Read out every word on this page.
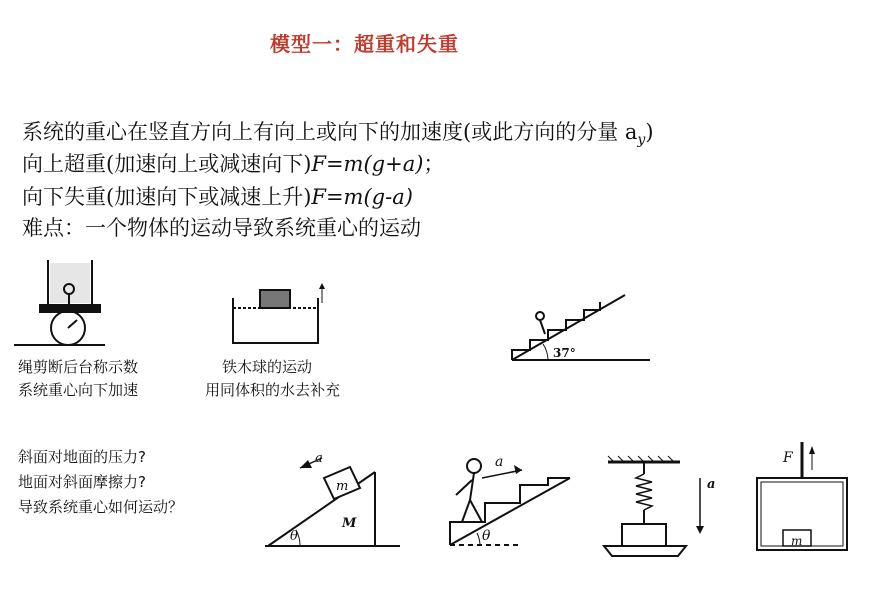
模型一：超重和失重
系统的重心在竖直方向上有向上或向下的加速度(或此方向的分量 $a_y$)
向上超重(加速向上或减速向下)F=m(g+a)；
向下失重(加速向下或减速上升)F=m(g-a)
难点：一个物体的运动导致系统重心的运动
37°
a
m
M
θ
a
θ
a
F
m
绳剪断后台称示数
系统重心向下加速
铁木球的运动
用同体积的水去补充
斜面对地面的压力?
地面对斜面摩擦力?
导致系统重心如何运动？
